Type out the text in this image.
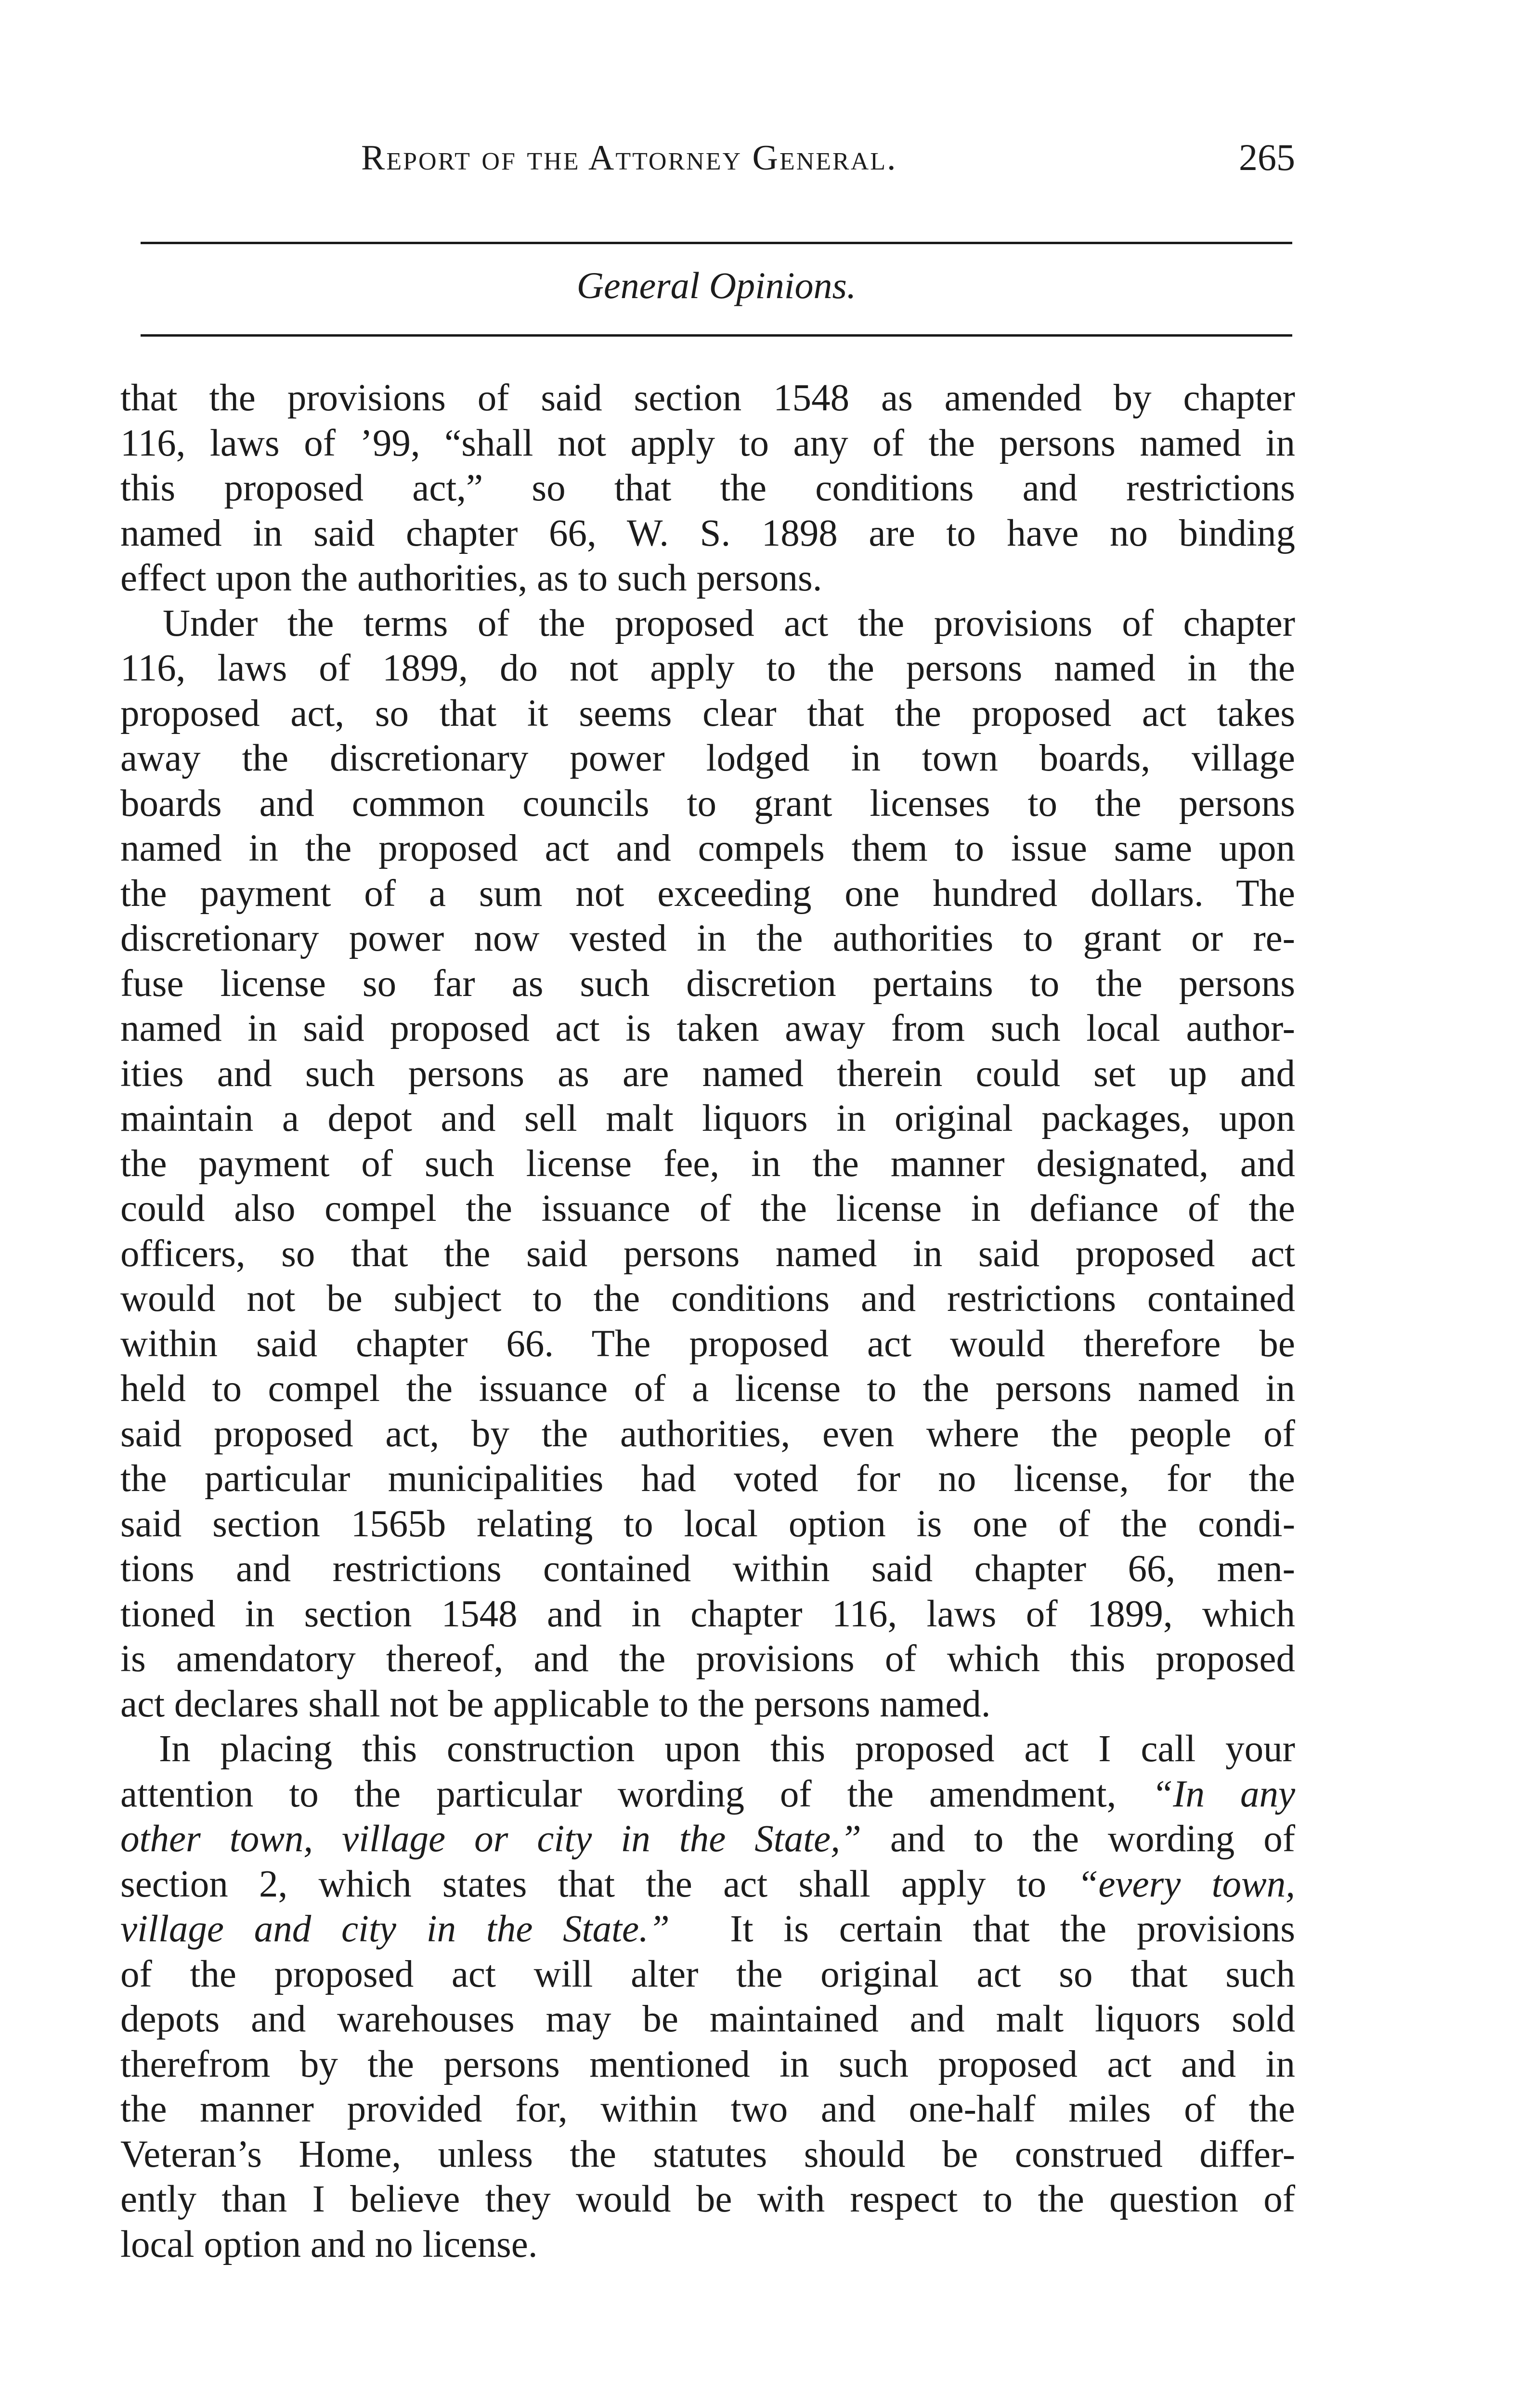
Report of the Attorney General.	265
General Opinions.
that the provisions of said section 1548 as amended by chapter
116, laws of ’99, “shall not apply to any of the persons named in
this proposed act,” so that the conditions and restrictions
named in said chapter 66, W. S. 1898 are to have no binding
effect upon the authorities, as to such persons.
Under the terms of the proposed act the provisions of chapter
116, laws of 1899, do not apply to the persons named in the
proposed act, so that it seems clear that the proposed act takes
away the discretionary power lodged in town boards, village
boards and common councils to grant licenses to the persons
named in the proposed act and compels them to issue same upon
the payment of a sum not exceeding one hundred dollars. The
discretionary power now vested in the authorities to grant or re-
fuse license so far as such discretion pertains to the persons
named in said proposed act is taken away from such local author-
ities and such persons as are named therein could set up and
maintain a depot and sell malt liquors in original packages, upon
the payment of such license fee, in the manner designated, and
could also compel the issuance of the license in defiance of the
officers, so that the said persons named in said proposed act
would not be subject to the conditions and restrictions contained
within said chapter 66. The proposed act would therefore be
held to compel the issuance of a license to the persons named in
said proposed act, by the authorities, even where the people of
the particular municipalities had voted for no license, for the
said section 1565b relating to local option is one of the condi-
tions and restrictions contained within said chapter 66, men-
tioned in section 1548 and in chapter 116, laws of 1899, which
is amendatory thereof, and the provisions of which this proposed
act declares shall not be applicable to the persons named.
In placing this construction upon this proposed act I call your
attention to the particular wording of the amendment, “In any
other town, village or city in the State,” and to the wording of
section 2, which states that the act shall apply to “every town,
village and city in the State.” It is certain that the provisions
of the proposed act will alter the original act so that such
depots and warehouses may be maintained and malt liquors sold
therefrom by the persons mentioned in such proposed act and in
the manner provided for, within two and one-half miles of the
Veteran’s Home, unless the statutes should be construed differ-
ently than I believe they would be with respect to the question of
local option and no license.
